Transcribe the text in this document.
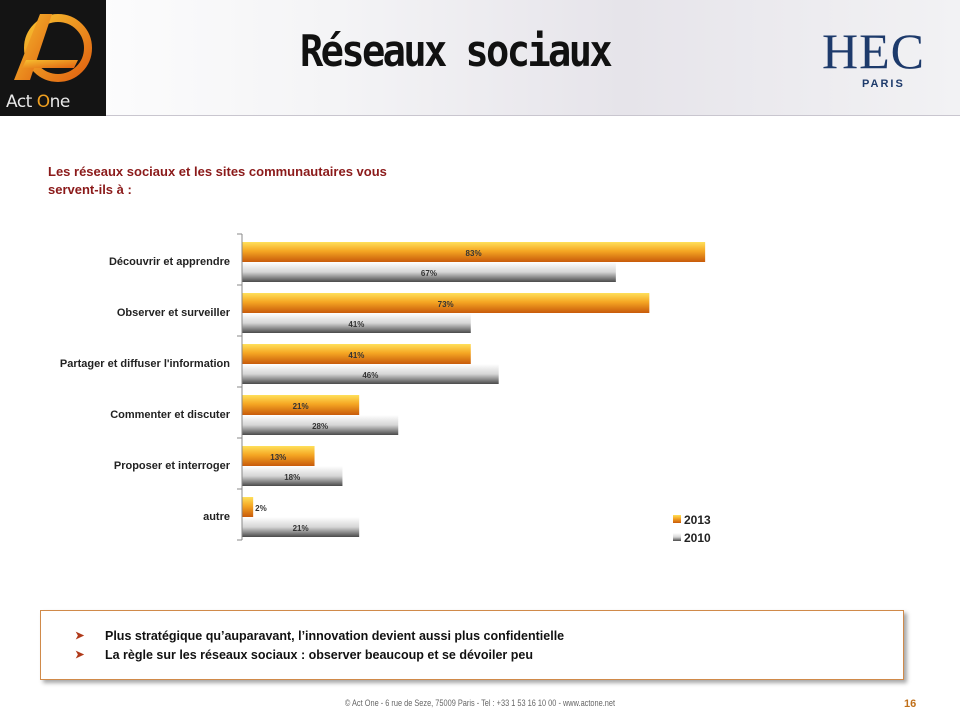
Act One
Réseaux sociaux	HEC
PARIS
Les réseaux sociaux et les sites communautaires vous servent-ils à :
Découvrir et apprendre
83%
67%
Observer et surveiller
73%
41%
Partager et diffuser l'information
41%
46%
Commenter et discuter
21%
28%
Proposer et interroger
13%
18%
autre
2%
21%
2013
2010
➤ Plus stratégique qu’auparavant, l’innovation devient aussi plus confidentielle
➤ La règle sur les réseaux sociaux : observer beaucoup et se dévoiler peu
© Act One - 6 rue de Seze, 75009 Paris - Tel : +33 1 53 16 10 00 - www.actone.net	16
